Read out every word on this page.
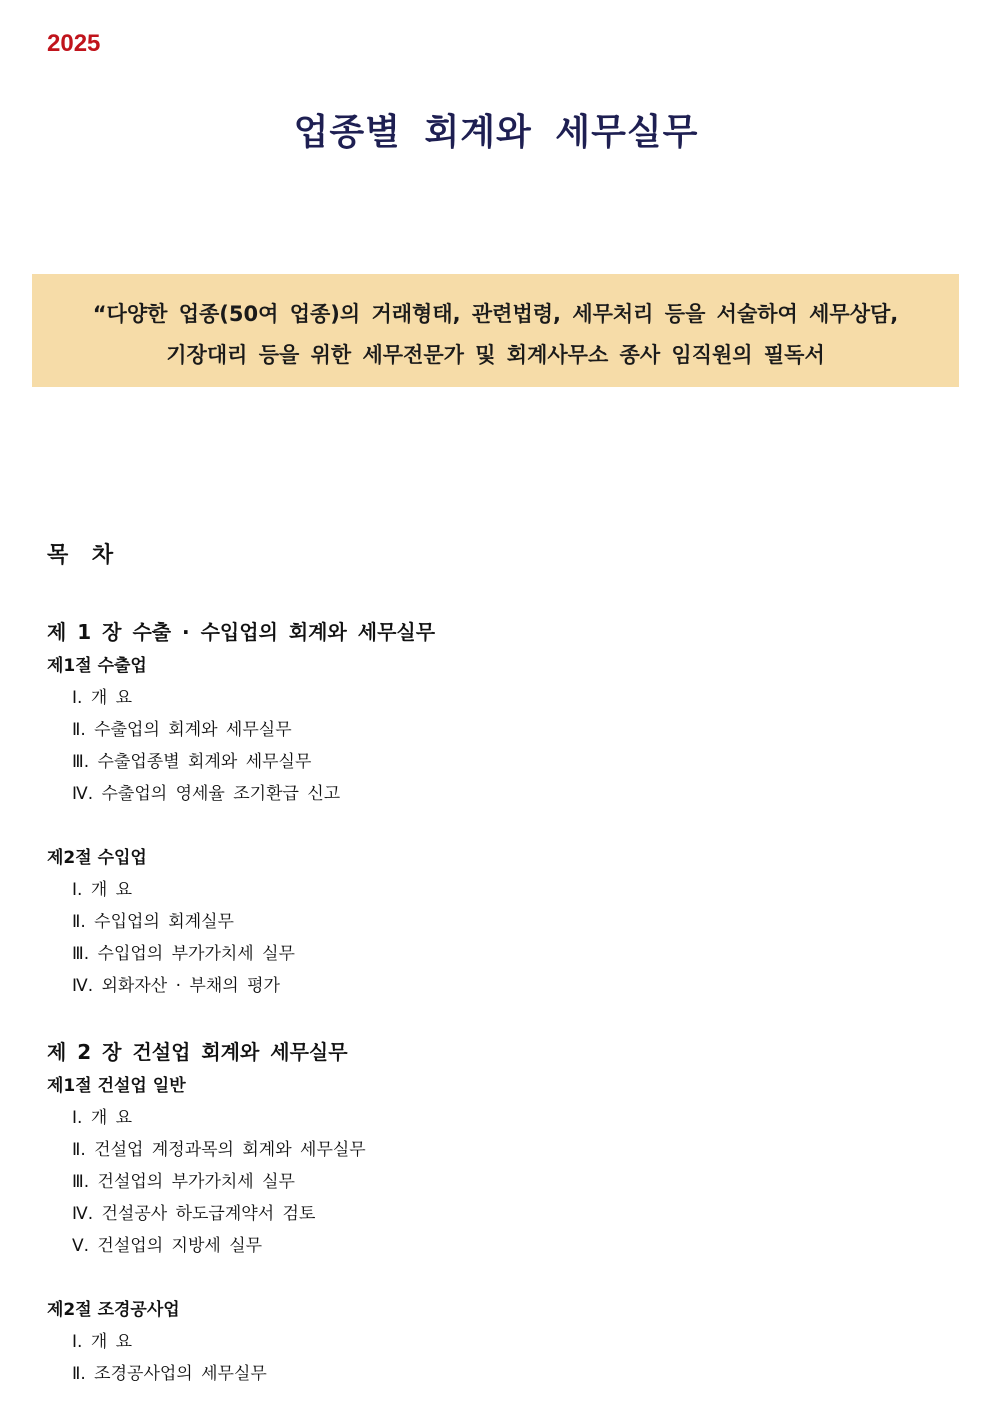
2025
업종별 회계와 세무실무
“다양한 업종(50여 업종)의 거래형태, 관련법령, 세무처리 등을 서술하여 세무상담,
기장대리 등을 위한 세무전문가 및 회계사무소 종사 임직원의 필독서
목 차
제 1 장 수출 · 수입업의 회계와 세무실무
제1절 수출업
Ⅰ. 개 요
Ⅱ. 수출업의 회계와 세무실무
Ⅲ. 수출업종별 회계와 세무실무
Ⅳ. 수출업의 영세율 조기환급 신고
제2절 수입업
Ⅰ. 개 요
Ⅱ. 수입업의 회계실무
Ⅲ. 수입업의 부가가치세 실무
Ⅳ. 외화자산 · 부채의 평가
제 2 장 건설업 회계와 세무실무
제1절 건설업 일반
Ⅰ. 개 요
Ⅱ. 건설업 계정과목의 회계와 세무실무
Ⅲ. 건설업의 부가가치세 실무
Ⅳ. 건설공사 하도급계약서 검토
Ⅴ. 건설업의 지방세 실무
제2절 조경공사업
Ⅰ. 개 요
Ⅱ. 조경공사업의 세무실무
